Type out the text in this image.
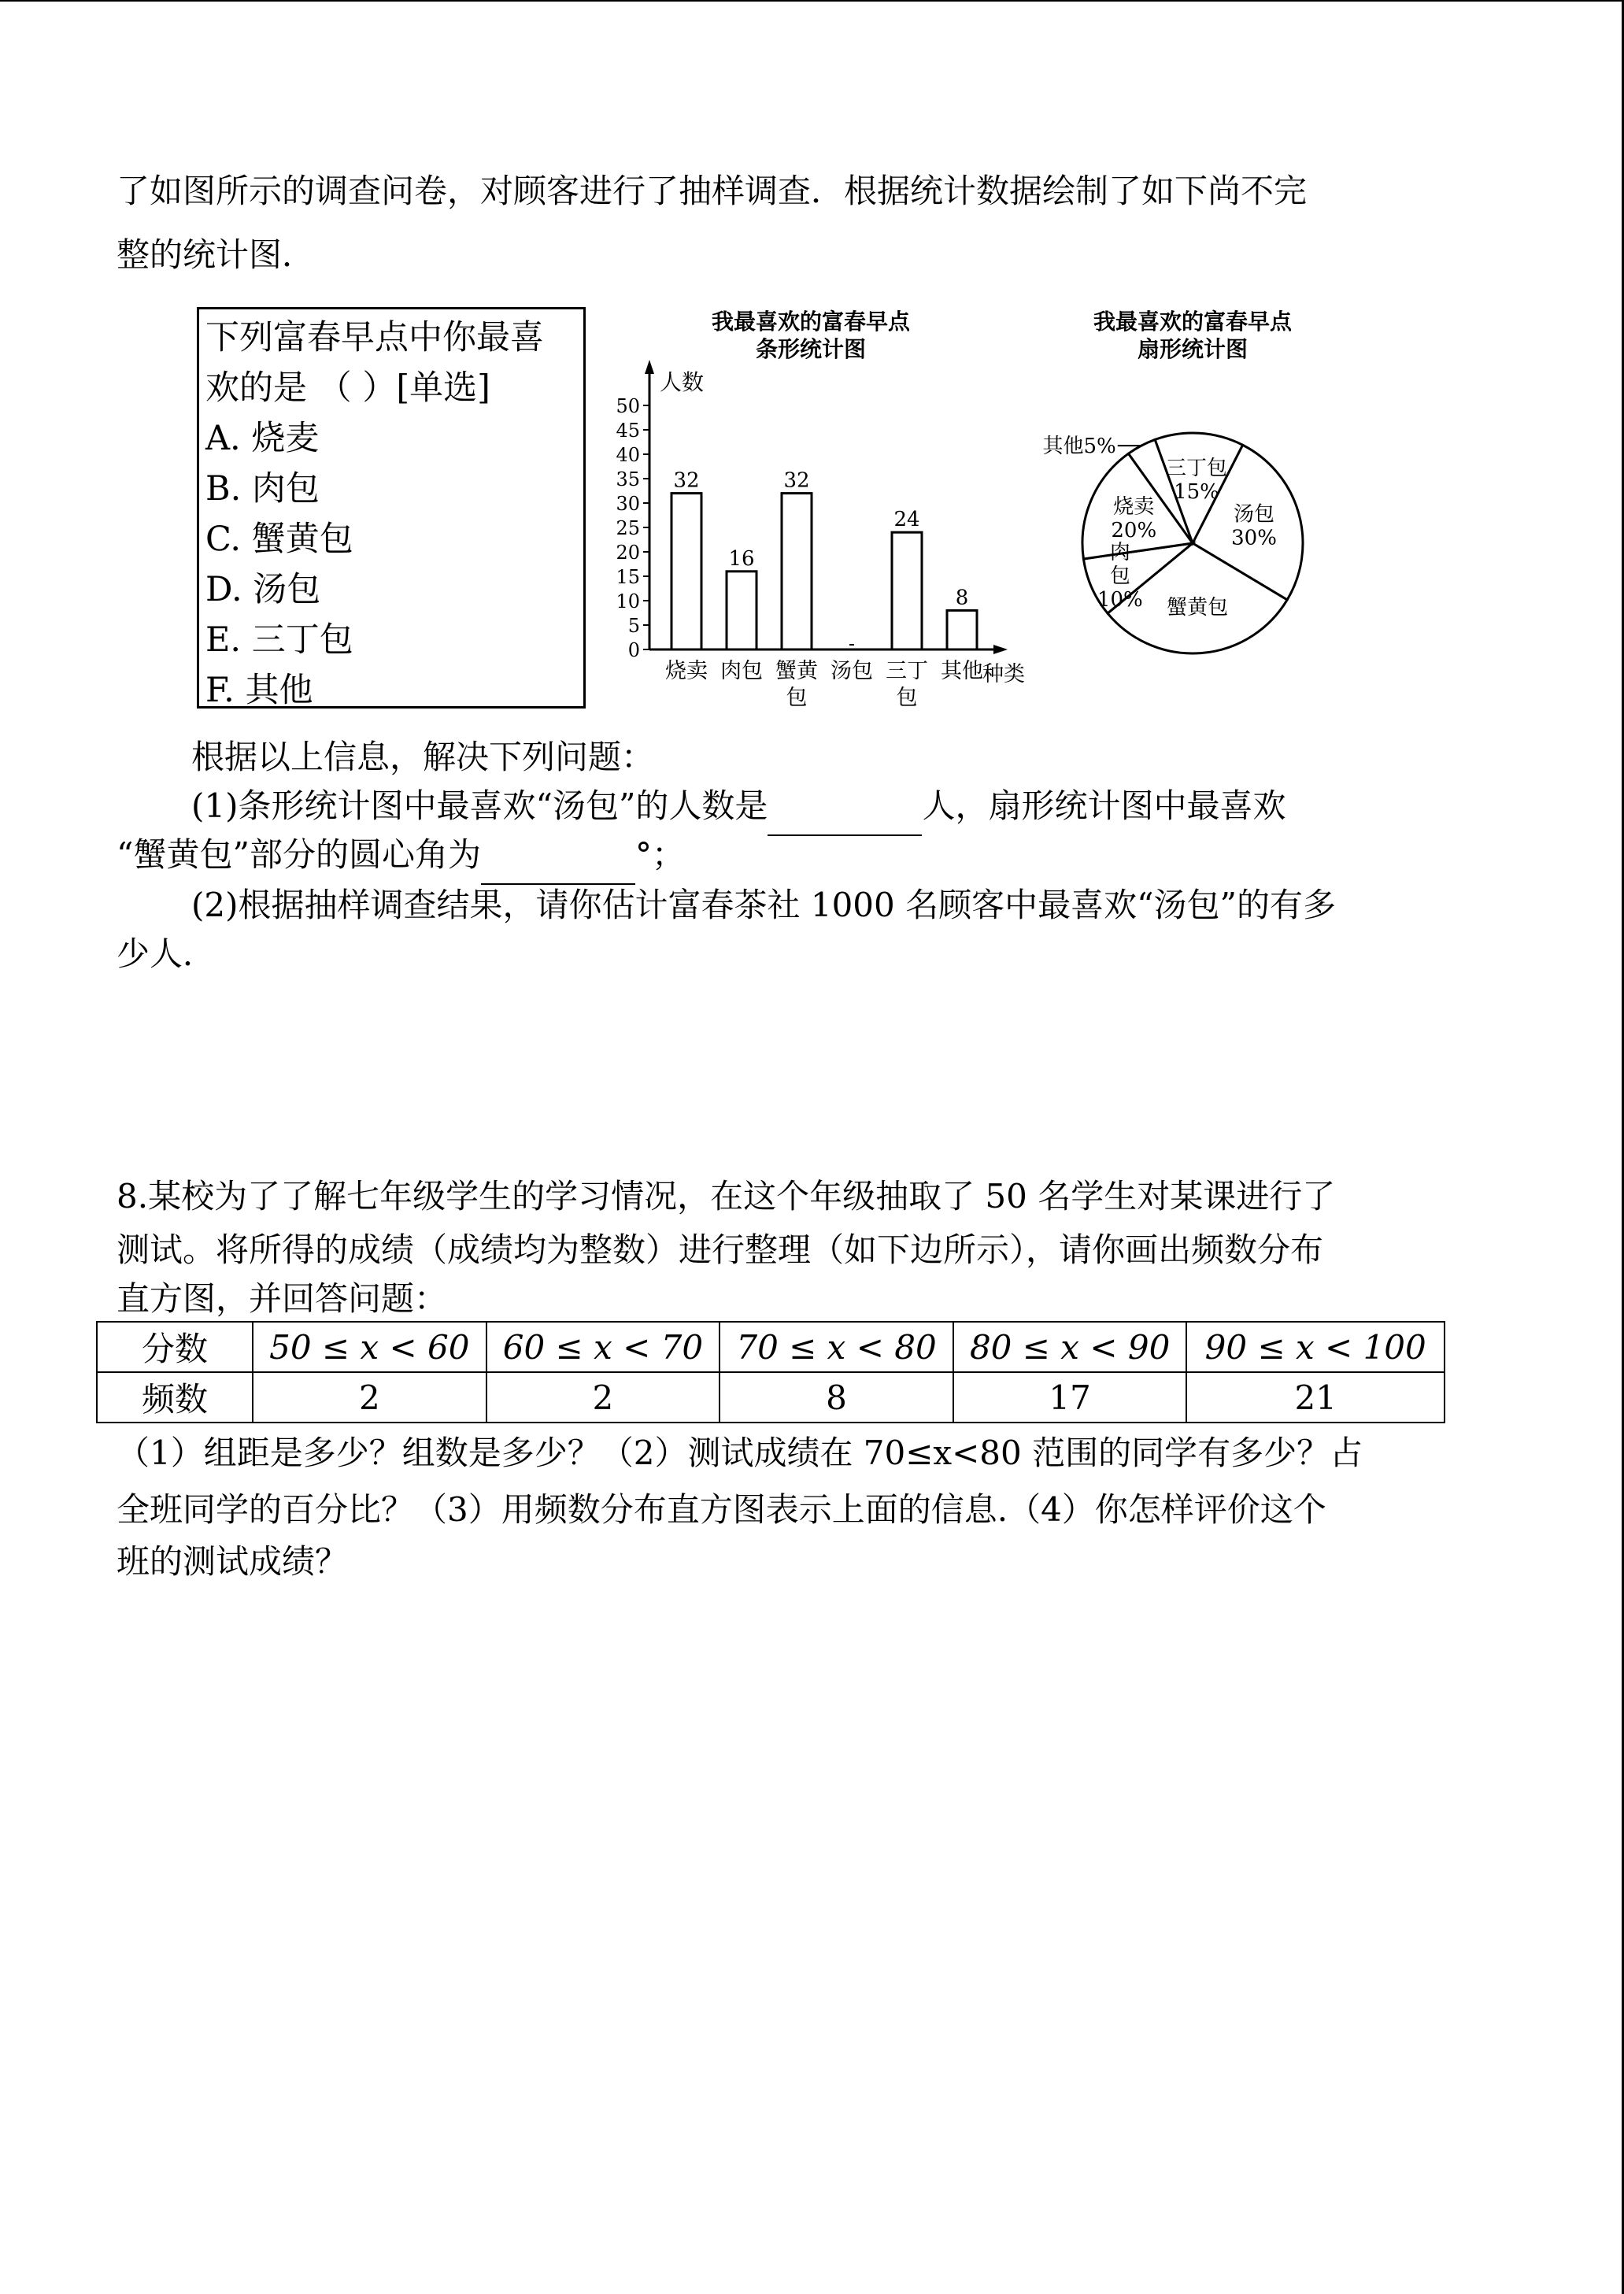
了如图所示的调查问卷，对顾客进行了抽样调查．根据统计数据绘制了如下尚不完
整的统计图．
下列富春早点中你最喜
欢的是 （ ）[单选]
A. 烧麦
B. 肉包
C. 蟹黄包
D. 汤包
E. 三丁包
F. 其他
我最喜欢的富春早点
条形统计图
人数
种类
0
5
10
15
20
25
30
35
40
45
50
32
烧卖
16
肉包
32
蟹黄
包
汤包
24
三丁
包
8
其他
我最喜欢的富春早点
扇形统计图
汤包
30%
蟹黄包
肉
包
10%
烧卖
20%
其他5%
三丁包
15%
根据以上信息，解决下列问题：
(1)条形统计图中最喜欢“汤包”的人数是	人，扇形统计图中最喜欢
“蟹黄包”部分的圆心角为	°；
(2)根据抽样调查结果，请你估计富春茶社 1000 名顾客中最喜欢“汤包”的有多
少人．
8.某校为了了解七年级学生的学习情况，在这个年级抽取了 50 名学生对某课进行了
测试。将所得的成绩（成绩均为整数）进行整理（如下边所示），请你画出频数分布
直方图，并回答问题：
分数	50 ≤ x < 60	60 ≤ x < 70	70 ≤ x < 80	80 ≤ x < 90	90 ≤ x < 100
频数	2	2	8	17	21
（1）组距是多少？组数是多少？（2）测试成绩在 70≤x<80 范围的同学有多少？占
全班同学的百分比？（3）用频数分布直方图表示上面的信息.（4）你怎样评价这个
班的测试成绩？
